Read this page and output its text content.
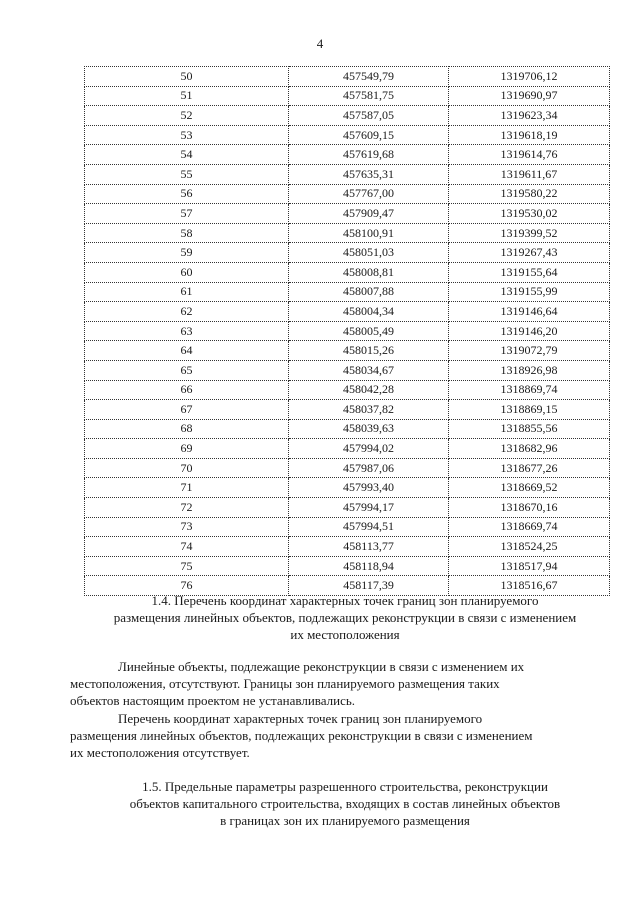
4
50	457549,79	1319706,12
51	457581,75	1319690,97
52	457587,05	1319623,34
53	457609,15	1319618,19
54	457619,68	1319614,76
55	457635,31	1319611,67
56	457767,00	1319580,22
57	457909,47	1319530,02
58	458100,91	1319399,52
59	458051,03	1319267,43
60	458008,81	1319155,64
61	458007,88	1319155,99
62	458004,34	1319146,64
63	458005,49	1319146,20
64	458015,26	1319072,79
65	458034,67	1318926,98
66	458042,28	1318869,74
67	458037,82	1318869,15
68	458039,63	1318855,56
69	457994,02	1318682,96
70	457987,06	1318677,26
71	457993,40	1318669,52
72	457994,17	1318670,16
73	457994,51	1318669,74
74	458113,77	1318524,25
75	458118,94	1318517,94
76	458117,39	1318516,67
1.4. Перечень координат характерных точек границ зон планируемого
размещения линейных объектов, подлежащих реконструкции в связи с изменением
их местоположения
Линейные объекты, подлежащие реконструкции в связи с изменением их
местоположения, отсутствуют. Границы зон планируемого размещения таких
объектов настоящим проектом не устанавливались.
Перечень координат характерных точек границ зон планируемого
размещения линейных объектов, подлежащих реконструкции в связи с изменением
их местоположения отсутствует.
1.5. Предельные параметры разрешенного строительства, реконструкции
объектов капитального строительства, входящих в состав линейных объектов
в границах зон их планируемого размещения
